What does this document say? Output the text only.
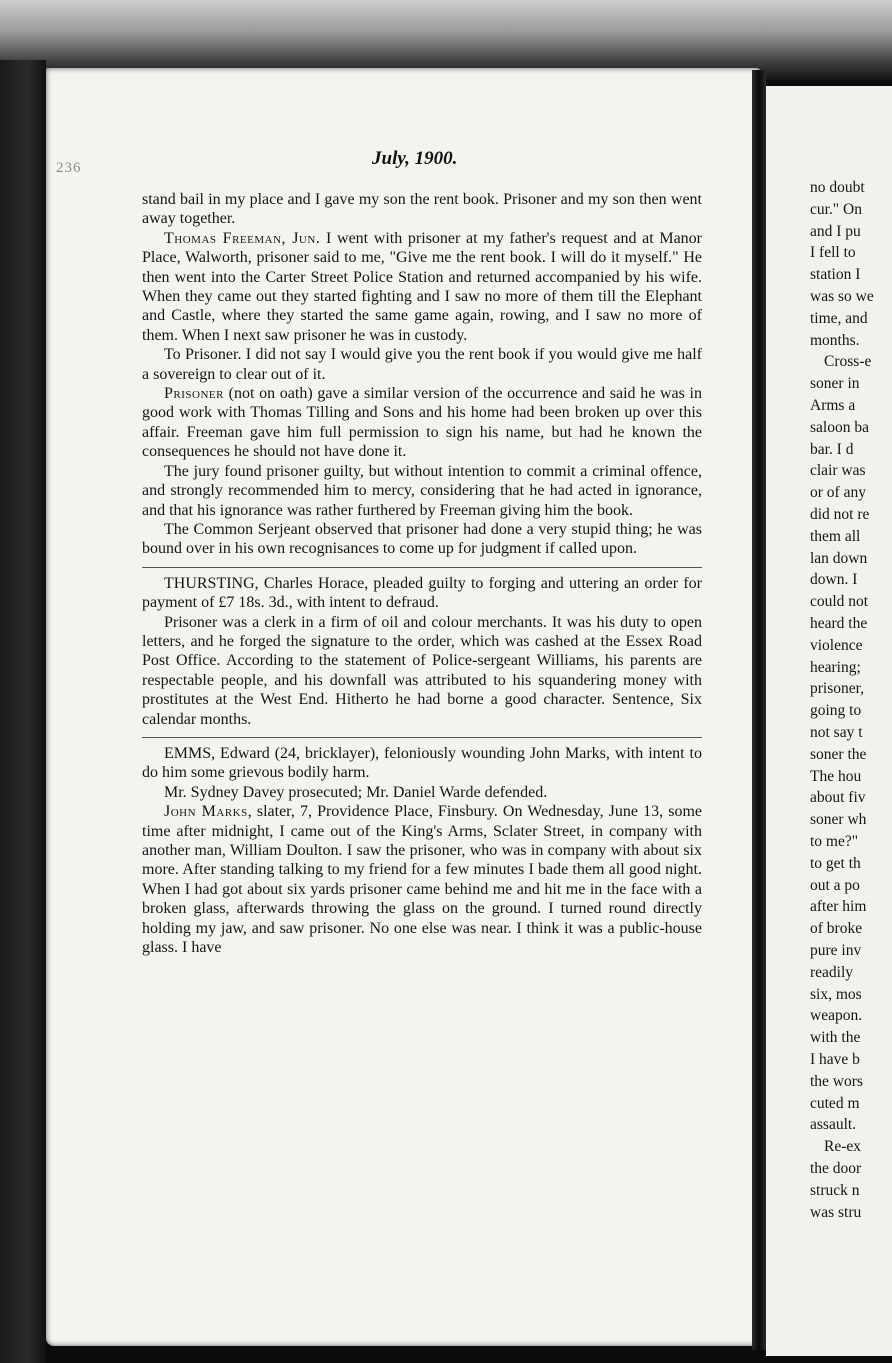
no doubt
cur." On
and I pu
I fell to
station I
was so we
time, and
months.
Cross-e
soner in
Arms a
saloon ba
bar. I d
clair was
or of any
did not re
them all
lan down
down. I
could not
heard the
violence
hearing;
prisoner,
going to
not say t
soner the
The hou
about fiv
soner wh
to me?"
to get th
out a po
after him
of broke
pure inv
readily
six, mos
weapon.
with the
I have b
the wors
cuted m
assault.
Re-ex
the door
struck n
was stru
236	July, 1900.

stand bail in my place and I gave my son the rent book. Prisoner and my son then went away together.

Thomas Freeman, Jun. I went with prisoner at my father's request and at Manor Place, Walworth, prisoner said to me, "Give me the rent book. I will do it myself." He then went into the Carter Street Police Station and returned accompanied by his wife. When they came out they started fighting and I saw no more of them till the Elephant and Castle, where they started the same game again, rowing, and I saw no more of them. When I next saw prisoner he was in custody.

To Prisoner. I did not say I would give you the rent book if you would give me half a sovereign to clear out of it.

Prisoner (not on oath) gave a similar version of the occurrence and said he was in good work with Thomas Tilling and Sons and his home had been broken up over this affair. Freeman gave him full permission to sign his name, but had he known the consequences he should not have done it.

The jury found prisoner guilty, but without intention to commit a criminal offence, and strongly recommended him to mercy, considering that he had acted in ignorance, and that his ignorance was rather furthered by Freeman giving him the book.

The Common Serjeant observed that prisoner had done a very stupid thing; he was bound over in his own recognisances to come up for judgment if called upon.

THURSTING, Charles Horace, pleaded guilty to forging and uttering an order for payment of £7 18s. 3d., with intent to defraud.

Prisoner was a clerk in a firm of oil and colour merchants. It was his duty to open letters, and he forged the signature to the order, which was cashed at the Essex Road Post Office. According to the statement of Police-sergeant Williams, his parents are respectable people, and his downfall was attributed to his squandering money with prostitutes at the West End. Hitherto he had borne a good character. Sentence, Six calendar months.

EMMS, Edward (24, bricklayer), feloniously wounding John Marks, with intent to do him some grievous bodily harm.

Mr. Sydney Davey prosecuted; Mr. Daniel Warde defended.

John Marks, slater, 7, Providence Place, Finsbury. On Wednesday, June 13, some time after midnight, I came out of the King's Arms, Sclater Street, in company with another man, William Doulton. I saw the prisoner, who was in company with about six more. After standing talking to my friend for a few minutes I bade them all good night. When I had got about six yards prisoner came behind me and hit me in the face with a broken glass, afterwards throwing the glass on the ground. I turned round directly holding my jaw, and saw prisoner. No one else was near. I think it was a public-house glass. I have
